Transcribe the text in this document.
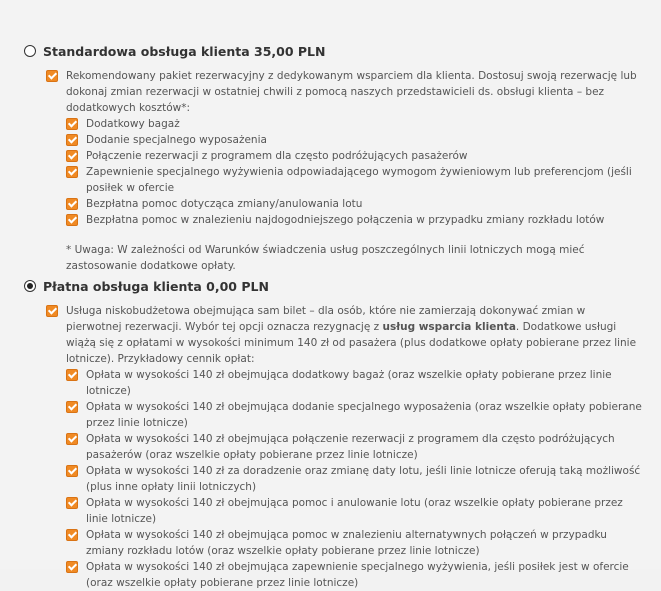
Standardowa obsługa klienta 35,00 PLN
Rekomendowany pakiet rezerwacyjny z dedykowanym wsparciem dla klienta. Dostosuj swoją rezerwację lub dokonaj zmian rezerwacji w ostatniej chwili z pomocą naszych przedstawicieli ds. obsługi klienta – bez dodatkowych kosztów*:
Dodatkowy bagaż
Dodanie specjalnego wyposażenia
Połączenie rezerwacji z programem dla często podróżujących pasażerów
Zapewnienie specjalnego wyżywienia odpowiadającego wymogom żywieniowym lub preferencjom (jeśli posiłek w ofercie
Bezpłatna pomoc dotycząca zmiany/anulowania lotu
Bezpłatna pomoc w znalezieniu najdogodniejszego połączenia w przypadku zmiany rozkładu lotów
* Uwaga: W zależności od Warunków świadczenia usług poszczególnych linii lotniczych mogą mieć zastosowanie dodatkowe opłaty.
Płatna obsługa klienta 0,00 PLN
Usługa niskobudżetowa obejmująca sam bilet – dla osób, które nie zamierzają dokonywać zmian w pierwotnej rezerwacji. Wybór tej opcji oznacza rezygnację z usług wsparcia klienta. Dodatkowe usługi wiążą się z opłatami w wysokości minimum 140 zł od pasażera (plus dodatkowe opłaty pobierane przez linie lotnicze). Przykładowy cennik opłat:
Opłata w wysokości 140 zł obejmująca dodatkowy bagaż (oraz wszelkie opłaty pobierane przez linie lotnicze)
Opłata w wysokości 140 zł obejmująca dodanie specjalnego wyposażenia (oraz wszelkie opłaty pobierane przez linie lotnicze)
Opłata w wysokości 140 zł obejmująca połączenie rezerwacji z programem dla często podróżujących pasażerów (oraz wszelkie opłaty pobierane przez linie lotnicze)
Opłata w wysokości 140 zł za doradzenie oraz zmianę daty lotu, jeśli linie lotnicze oferują taką możliwość (plus inne opłaty linii lotniczych)
Opłata w wysokości 140 zł obejmująca pomoc i anulowanie lotu (oraz wszelkie opłaty pobierane przez linie lotnicze)
Opłata w wysokości 140 zł obejmująca pomoc w znalezieniu alternatywnych połączeń w przypadku zmiany rozkładu lotów (oraz wszelkie opłaty pobierane przez linie lotnicze)
Opłata w wysokości 140 zł obejmująca zapewnienie specjalnego wyżywienia, jeśli posiłek jest w ofercie (oraz wszelkie opłaty pobierane przez linie lotnicze)
